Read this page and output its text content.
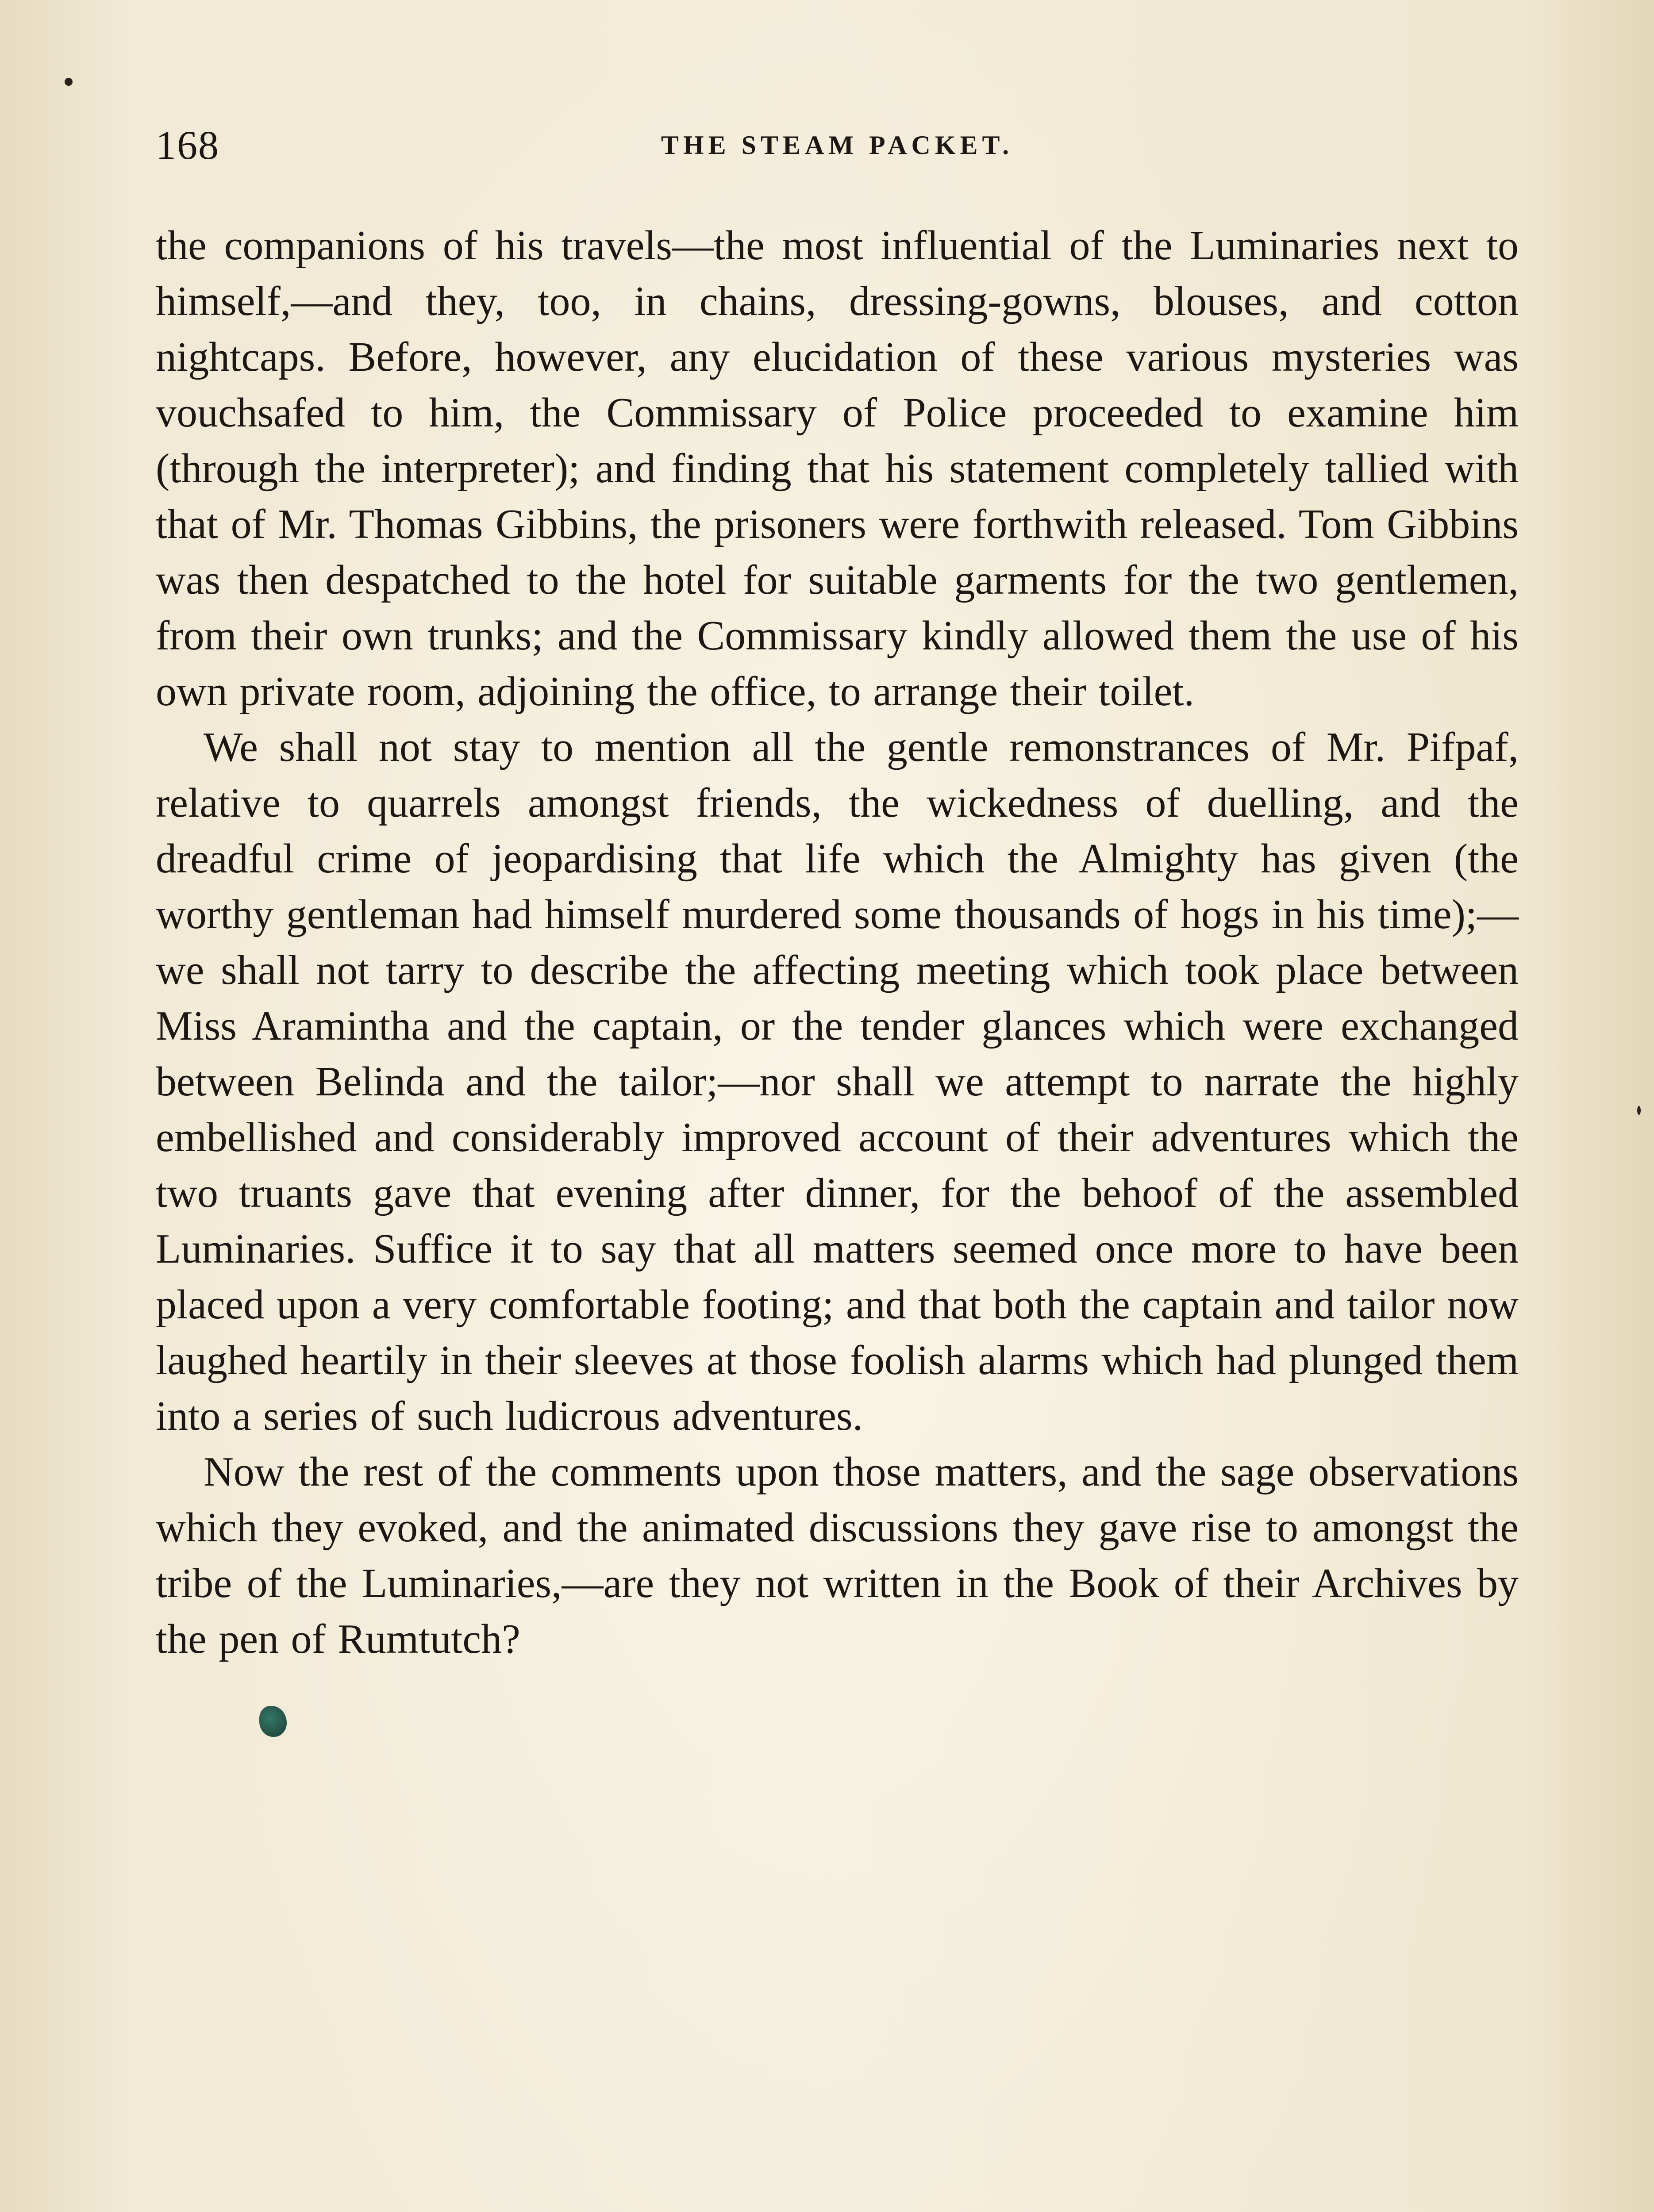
168	THE STEAM PACKET.

the companions of his travels—the most influential of the Luminaries next to himself,—and they, too, in chains, dressing-gowns, blouses, and cotton nightcaps. Before, however, any elucidation of these various mysteries was vouchsafed to him, the Commissary of Police proceeded to examine him (through the interpreter); and finding that his statement completely tallied with that of Mr. Thomas Gibbins, the prisoners were forthwith released. Tom Gibbins was then despatched to the hotel for suitable garments for the two gentlemen, from their own trunks; and the Commissary kindly allowed them the use of his own private room, adjoining the office, to arrange their toilet.

We shall not stay to mention all the gentle remonstrances of Mr. Pifpaf, relative to quarrels amongst friends, the wickedness of duelling, and the dreadful crime of jeopardising that life which the Almighty has given (the worthy gentleman had himself murdered some thousands of hogs in his time);—we shall not tarry to describe the affecting meeting which took place between Miss Aramintha and the captain, or the tender glances which were exchanged between Belinda and the tailor;—nor shall we attempt to narrate the highly embellished and considerably improved account of their adventures which the two truants gave that evening after dinner, for the behoof of the assembled Luminaries. Suffice it to say that all matters seemed once more to have been placed upon a very comfortable footing; and that both the captain and tailor now laughed heartily in their sleeves at those foolish alarms which had plunged them into a series of such ludicrous adventures.

Now the rest of the comments upon those matters, and the sage observations which they evoked, and the animated discussions they gave rise to amongst the tribe of the Luminaries,—are they not written in the Book of their Archives by the pen of Rumtutch?
